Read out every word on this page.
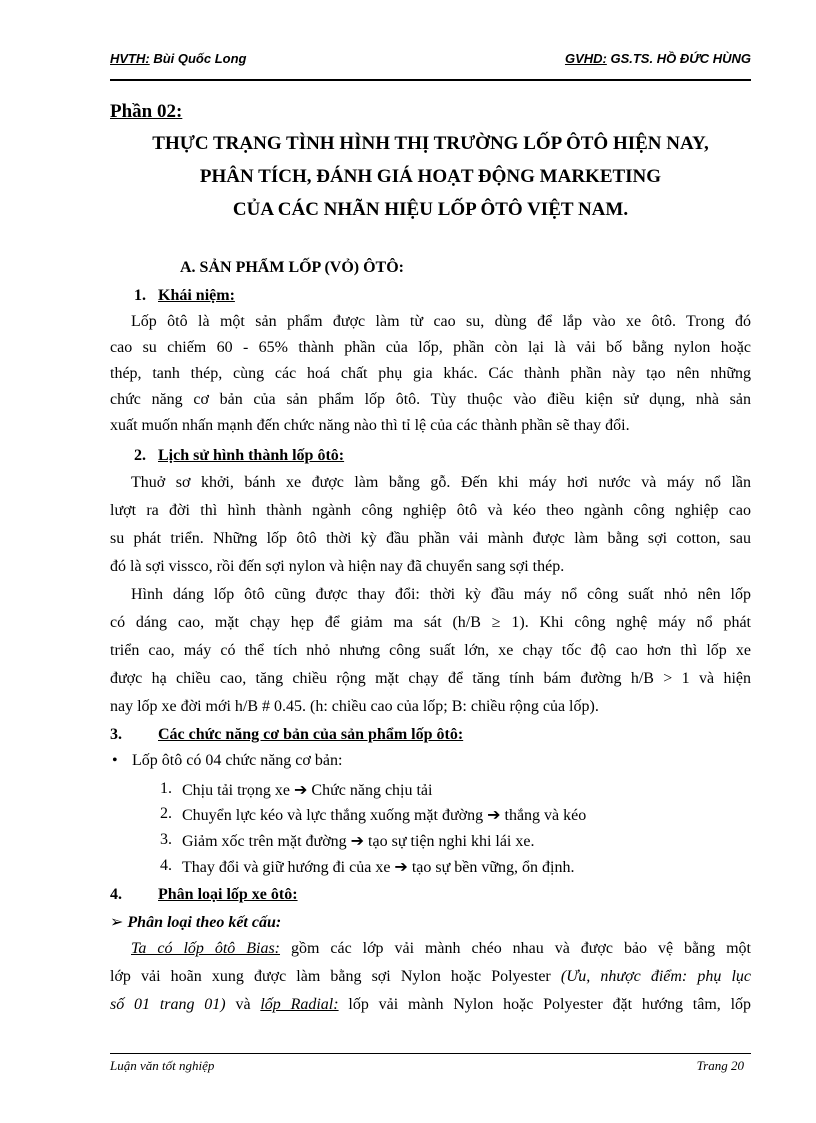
HVTH: Bùi Quốc Long	GVHD: GS.TS. HỒ ĐỨC HÙNG
Phần 02:
THỰC TRẠNG TÌNH HÌNH THỊ TRƯỜNG LỐP ÔTÔ HIỆN NAY,
PHÂN TÍCH, ĐÁNH GIÁ HOẠT ĐỘNG MARKETING
CỦA CÁC NHÃN HIỆU LỐP ÔTÔ VIỆT NAM.
A. SẢN PHẨM LỐP (VỎ) ÔTÔ:
1. Khái niệm:
Lốp ôtô là một sản phẩm được làm từ cao su, dùng để lắp vào xe ôtô. Trong đó
cao su chiếm 60 - 65% thành phần của lốp, phần còn lại là vải bố bằng nylon hoặc
thép, tanh thép, cùng các hoá chất phụ gia khác. Các thành phần này tạo nên những
chức năng cơ bản của sản phẩm lốp ôtô. Tùy thuộc vào điều kiện sử dụng, nhà sản
xuất muốn nhấn mạnh đến chức năng nào thì tỉ lệ của các thành phần sẽ thay đổi.
2. Lịch sử hình thành lốp ôtô:
Thuở sơ khởi, bánh xe được làm bằng gỗ. Đến khi máy hơi nước và máy nổ lần
lượt ra đời thì hình thành ngành công nghiệp ôtô và kéo theo ngành công nghiệp cao
su phát triển. Những lốp ôtô thời kỳ đầu phần vải mành được làm bằng sợi cotton, sau
đó là sợi vissco, rồi đến sợi nylon và hiện nay đã chuyển sang sợi thép.
Hình dáng lốp ôtô cũng được thay đổi: thời kỳ đầu máy nổ công suất nhỏ nên lốp
có dáng cao, mặt chạy hẹp để giảm ma sát (h/B ≥ 1). Khi công nghệ máy nổ phát
triển cao, máy có thể tích nhỏ nhưng công suất lớn, xe chạy tốc độ cao hơn thì lốp xe
được hạ chiều cao, tăng chiều rộng mặt chạy để tăng tính bám đường h/B > 1 và hiện
nay lốp xe đời mới h/B # 0.45. (h: chiều cao của lốp; B: chiều rộng của lốp).
3. Các chức năng cơ bản của sản phẩm lốp ôtô:
• Lốp ôtô có 04 chức năng cơ bản:
1. Chịu tải trọng xe ➔ Chức năng chịu tải
2. Chuyển lực kéo và lực thắng xuống mặt đường ➔ thắng và kéo
3. Giảm xốc trên mặt đường ➔ tạo sự tiện nghi khi lái xe.
4. Thay đổi và giữ hướng đi của xe ➔ tạo sự bền vững, ổn định.
4. Phân loại lốp xe ôtô:
➢ Phân loại theo kết cấu:
Ta có lốp ôtô Bias: gồm các lớp vải mành chéo nhau và được bảo vệ bằng một
lớp vải hoãn xung được làm bằng sợi Nylon hoặc Polyester (Ưu, nhược điểm: phụ lục
số 01 trang 01) và lốp Radial: lốp vải mành Nylon hoặc Polyester đặt hướng tâm, lốp
Luận văn tốt nghiệp	Trang 20
